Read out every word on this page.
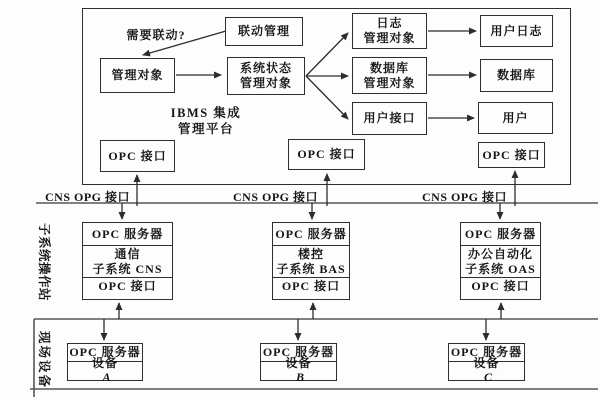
联动管理
需要联动?
管理对象	系统状态
管理对象
日志
管理对象
数据库
管理对象
用户接口
用户日志
数据库
用户
IBMS 集成
管理平台
OPC 接口	OPC 接口	OPC 接口
CNS OPG 接口	CNS OPG 接口	CNS OPG 接口
子系统操作站
现场设备
OPC 服务器
通信
子系统 CNS
OPC 接口
OPC 服务器
楼控
子系统 BAS
OPC 接口
OPC 服务器
办公自动化
子系统 OAS
OPC 接口
OPC 服务器
设备
A
OPC 服务器
设备
B
OPC 服务器
设备
C
